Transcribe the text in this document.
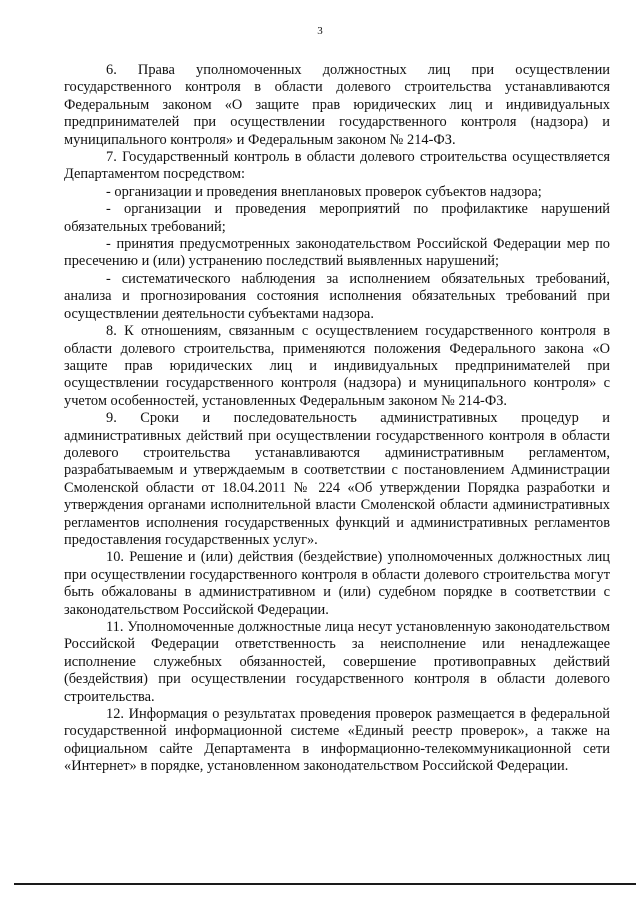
3

6. Права уполномоченных должностных лиц при осуществлении государственного контроля в области долевого строительства устанавливаются Федеральным законом «О защите прав юридических лиц и индивидуальных предпринимателей при осуществлении государственного контроля (надзора) и муниципального контроля» и Федеральным законом № 214-ФЗ.

7. Государственный контроль в области долевого строительства осуществляется Департаментом посредством:

- организации и проведения внеплановых проверок субъектов надзора;

- организации и проведения мероприятий по профилактике нарушений обязательных требований;

- принятия предусмотренных законодательством Российской Федерации мер по пресечению и (или) устранению последствий выявленных нарушений;

- систематического наблюдения за исполнением обязательных требований, анализа и прогнозирования состояния исполнения обязательных требований при осуществлении деятельности субъектами надзора.

8. К отношениям, связанным с осуществлением государственного контроля в области долевого строительства, применяются положения Федерального закона «О защите прав юридических лиц и индивидуальных предпринимателей при осуществлении государственного контроля (надзора) и муниципального контроля» с учетом особенностей, установленных Федеральным законом № 214-ФЗ.

9. Сроки и последовательность административных процедур и административных действий при осуществлении государственного контроля в области долевого строительства устанавливаются административным регламентом, разрабатываемым и утверждаемым в соответствии с постановлением Администрации Смоленской области от 18.04.2011 № 224 «Об утверждении Порядка разработки и утверждения органами исполнительной власти Смоленской области административных регламентов исполнения государственных функций и административных регламентов предоставления государственных услуг».

10. Решение и (или) действия (бездействие) уполномоченных должностных лиц при осуществлении государственного контроля в области долевого строительства могут быть обжалованы в административном и (или) судебном порядке в соответствии с законодательством Российской Федерации.

11. Уполномоченные должностные лица несут установленную законодательством Российской Федерации ответственность за неисполнение или ненадлежащее исполнение служебных обязанностей, совершение противоправных действий (бездействия) при осуществлении государственного контроля в области долевого строительства.

12. Информация о результатах проведения проверок размещается в федеральной государственной информационной системе «Единый реестр проверок», а также на официальном сайте Департамента в информационно-телекоммуникационной сети «Интернет» в порядке, установленном законодательством Российской Федерации.
